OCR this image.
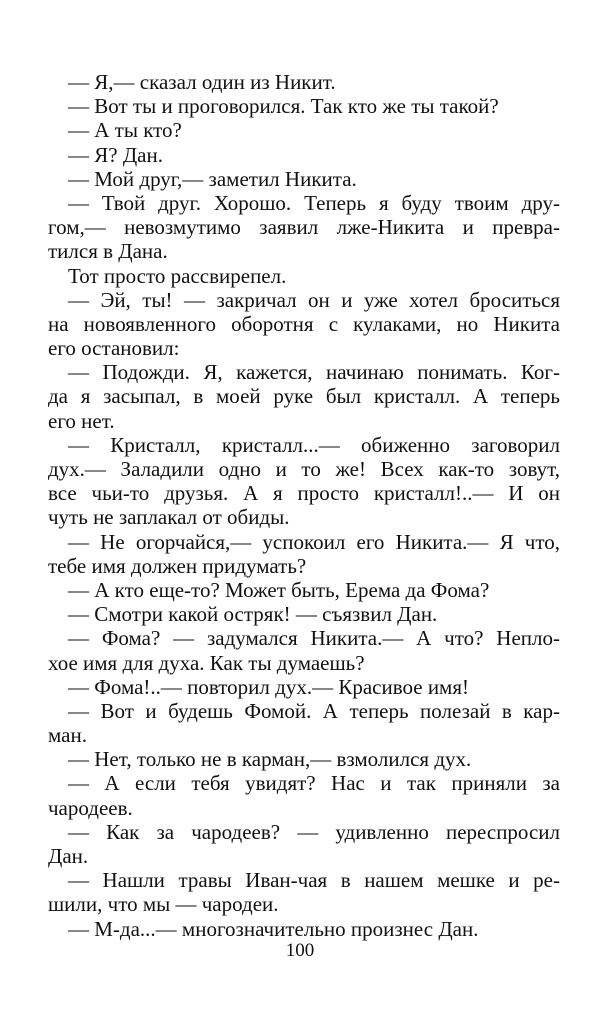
— Я,— сказал один из Никит.
— Вот ты и проговорился. Так кто же ты такой?
— А ты кто?
— Я? Дан.
— Мой друг,— заметил Никита.
— Твой друг. Хорошо. Теперь я буду твоим дру-
гом,— невозмутимо заявил лже-Никита и превра-
тился в Дана.
Тот просто рассвирепел.
— Эй, ты! — закричал он и уже хотел броситься
на новоявленного оборотня с кулаками, но Никита
его остановил:
— Подожди. Я, кажется, начинаю понимать. Ког-
да я засыпал, в моей руке был кристалл. А теперь
его нет.
— Кристалл, кристалл...— обиженно заговорил
дух.— Заладили одно и то же! Всех как-то зовут,
все чьи-то друзья. А я просто кристалл!..— И он
чуть не заплакал от обиды.
— Не огорчайся,— успокоил его Никита.— Я что,
тебе имя должен придумать?
— А кто еще-то? Может быть, Ерема да Фома?
— Смотри какой остряк! — съязвил Дан.
— Фома? — задумался Никита.— А что? Неплo-
хое имя для духа. Как ты думаешь?
— Фома!..— повторил дух.— Красивое имя!
— Вот и будешь Фомой. А теперь полезай в кар-
ман.
— Нет, только не в карман,— взмолился дух.
— А если тебя увидят? Нас и так приняли за
чародеев.
— Как за чародеев? — удивленно переспросил
Дан.
— Нашли травы Иван-чая в нашем мешке и ре-
шили, что мы — чародеи.
— М-да...— многозначительно произнес Дан.
100
